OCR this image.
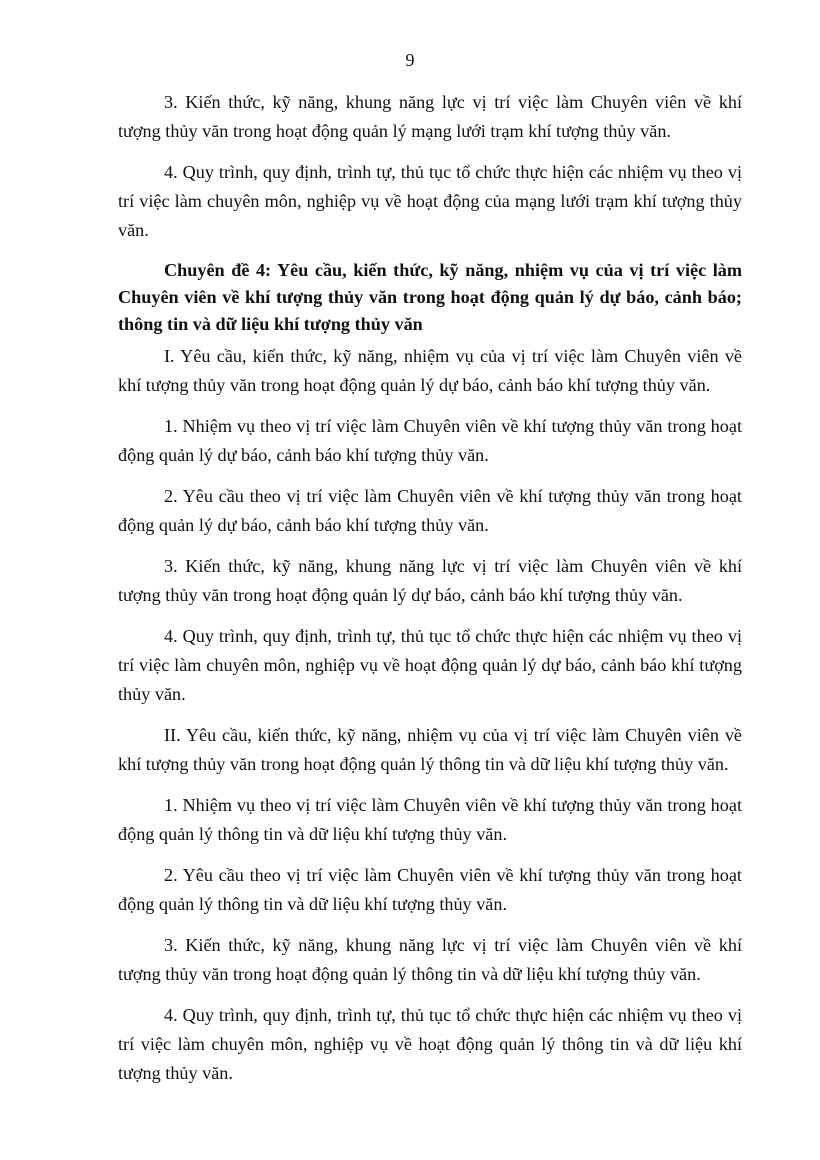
9

3. Kiến thức, kỹ năng, khung năng lực vị trí việc làm Chuyên viên về khí tượng thủy văn trong hoạt động quản lý mạng lưới trạm khí tượng thủy văn.

4. Quy trình, quy định, trình tự, thủ tục tổ chức thực hiện các nhiệm vụ theo vị trí việc làm chuyên môn, nghiệp vụ về hoạt động của mạng lưới trạm khí tượng thủy văn.

Chuyên đề 4: Yêu cầu, kiến thức, kỹ năng, nhiệm vụ của vị trí việc làm Chuyên viên về khí tượng thủy văn trong hoạt động quản lý dự báo, cảnh báo; thông tin và dữ liệu khí tượng thủy văn

I. Yêu cầu, kiến thức, kỹ năng, nhiệm vụ của vị trí việc làm Chuyên viên về khí tượng thủy văn trong hoạt động quản lý dự báo, cảnh báo khí tượng thủy văn.

1. Nhiệm vụ theo vị trí việc làm Chuyên viên về khí tượng thủy văn trong hoạt động quản lý dự báo, cảnh báo khí tượng thủy văn.

2. Yêu cầu theo vị trí việc làm Chuyên viên về khí tượng thủy văn trong hoạt động quản lý dự báo, cảnh báo khí tượng thủy văn.

3. Kiến thức, kỹ năng, khung năng lực vị trí việc làm Chuyên viên về khí tượng thủy văn trong hoạt động quản lý dự báo, cảnh báo khí tượng thủy văn.

4. Quy trình, quy định, trình tự, thủ tục tổ chức thực hiện các nhiệm vụ theo vị trí việc làm chuyên môn, nghiệp vụ về hoạt động quản lý dự báo, cảnh báo khí tượng thủy văn.

II. Yêu cầu, kiến thức, kỹ năng, nhiệm vụ của vị trí việc làm Chuyên viên về khí tượng thủy văn trong hoạt động quản lý thông tin và dữ liệu khí tượng thủy văn.

1. Nhiệm vụ theo vị trí việc làm Chuyên viên về khí tượng thủy văn trong hoạt động quản lý thông tin và dữ liệu khí tượng thủy văn.

2. Yêu cầu theo vị trí việc làm Chuyên viên về khí tượng thủy văn trong hoạt động quản lý thông tin và dữ liệu khí tượng thủy văn.

3. Kiến thức, kỹ năng, khung năng lực vị trí việc làm Chuyên viên về khí tượng thủy văn trong hoạt động quản lý thông tin và dữ liệu khí tượng thủy văn.

4. Quy trình, quy định, trình tự, thủ tục tổ chức thực hiện các nhiệm vụ theo vị trí việc làm chuyên môn, nghiệp vụ về hoạt động quản lý thông tin và dữ liệu khí tượng thủy văn.
